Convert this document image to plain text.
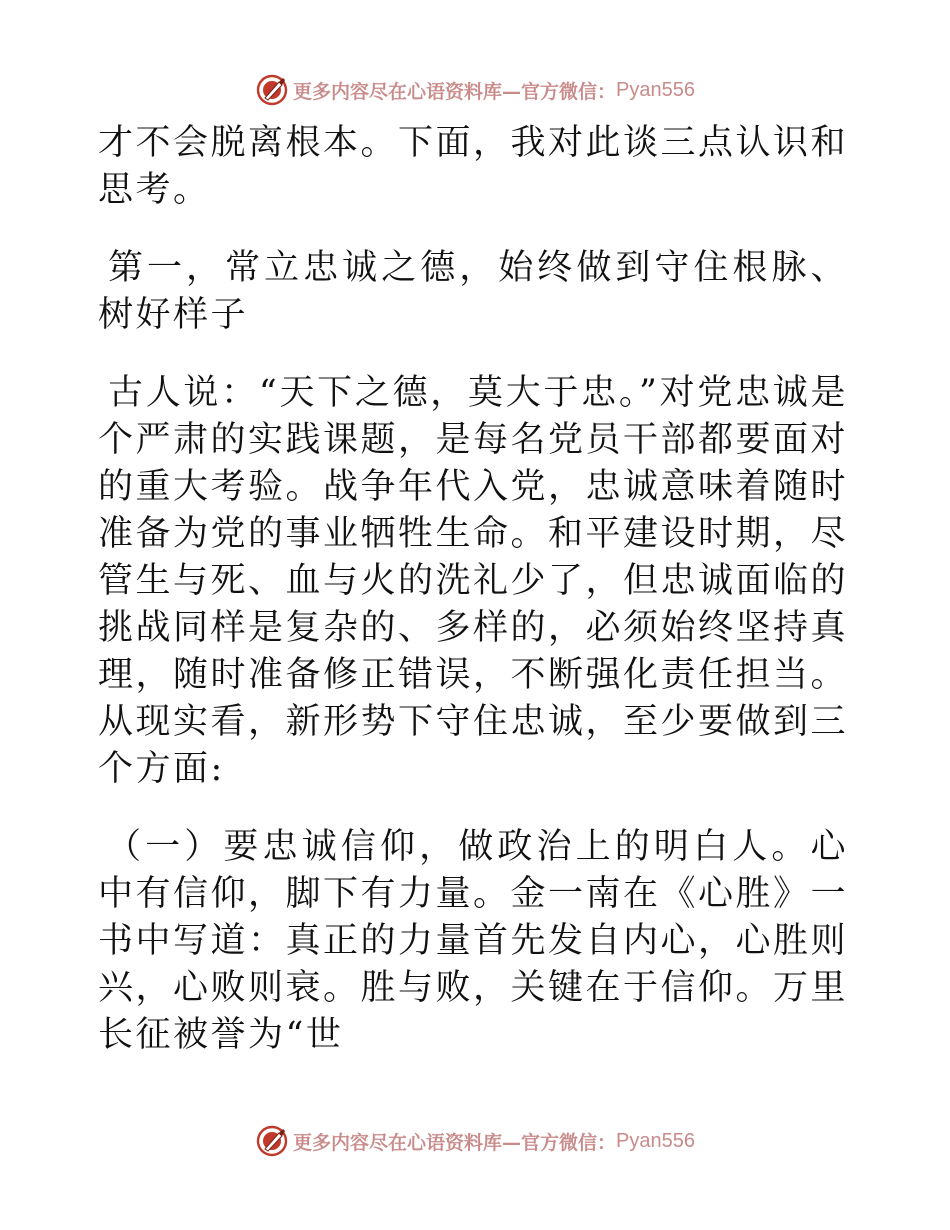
更多内容尽在心语资料库—官方微信： Pyan556

才不会脱离根本。下面，我对此谈三点认识和思考。

第一，常立忠诚之德，始终做到守住根脉、树好样子

古人说：“天下之德，莫大于忠。”对党忠诚是个严肃的实践课题，是每名党员干部都要面对的重大考验。战争年代入党，忠诚意味着随时准备为党的事业牺牲生命。和平建设时期，尽管生与死、血与火的洗礼少了，但忠诚面临的挑战同样是复杂的、多样的，必须始终坚持真理，随时准备修正错误，不断强化责任担当。从现实看，新形势下守住忠诚，至少要做到三个方面:

（一）要忠诚信仰，做政治上的明白人。心中有信仰，脚下有力量。金一南在《心胜》一书中写道：真正的力量首先发自内心，心胜则兴，心败则衰。胜与败，关键在于信仰。万里长征被誉为“世

更多内容尽在心语资料库—官方微信： Pyan556
